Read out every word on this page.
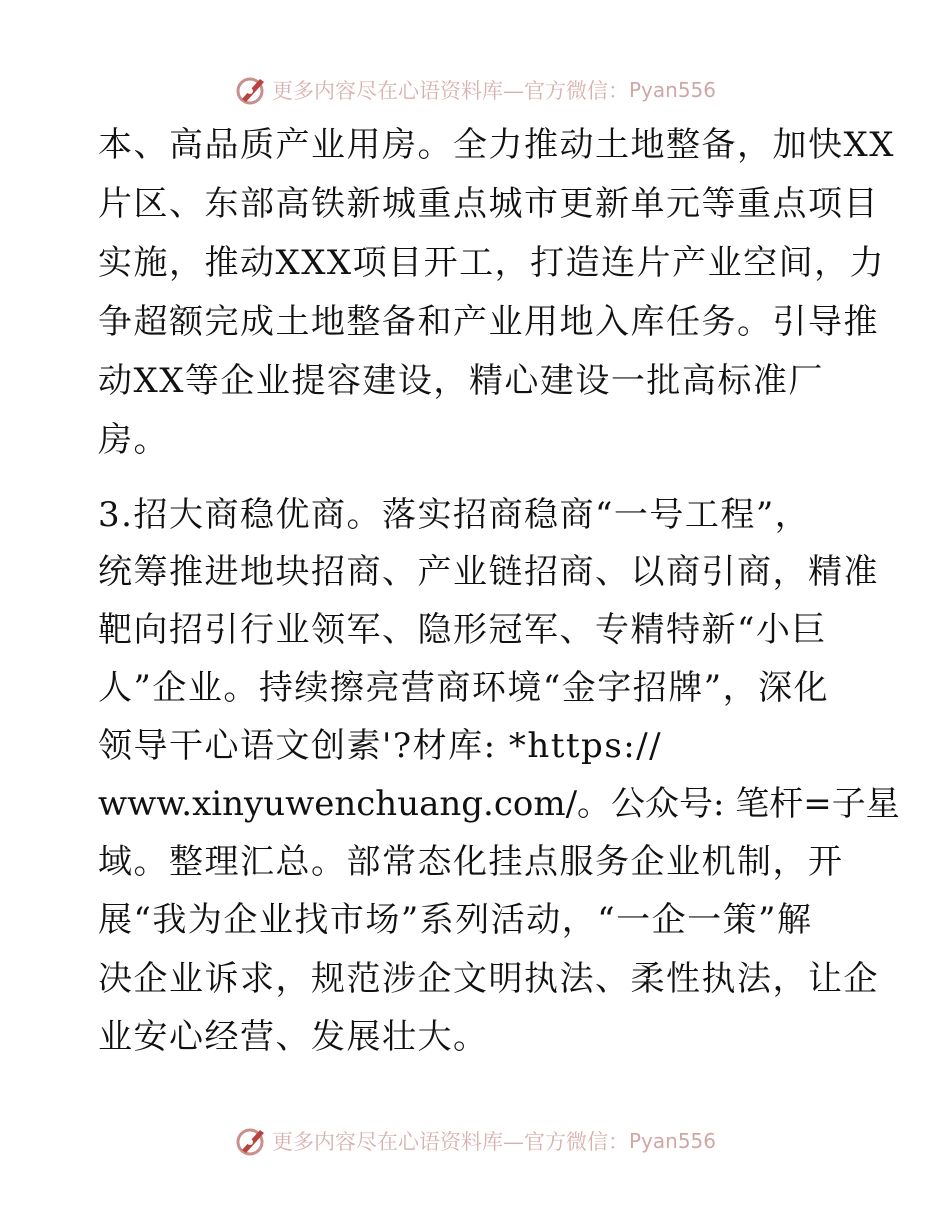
更多内容尽在心语资料库—官方微信： Pyan556
本、高品质产业用房。全力推动土地整备，加快XX
片区、东部高铁新城重点城市更新单元等重点项目
实施，推动XXX项目开工，打造连片产业空间，力
争超额完成土地整备和产业用地入库任务。引导推
动XX等企业提容建设，精心建设一批高标准厂
房。
3.招大商稳优商。落实招商稳商“一号工程”，
统筹推进地块招商、产业链招商、以商引商，精准
靶向招引行业领军、隐形冠军、专精特新“小巨
人”企业。持续擦亮营商环境“金字招牌”，深化
领导干心语文创素'?材库: *https://
www.xinyuwenchuang.com/。公众号: 笔杆=子星
域。整理汇总。部常态化挂点服务企业机制，开
展“我为企业找市场”系列活动，“一企一策”解
决企业诉求，规范涉企文明执法、柔性执法，让企
业安心经营、发展壮大。
更多内容尽在心语资料库—官方微信： Pyan556
